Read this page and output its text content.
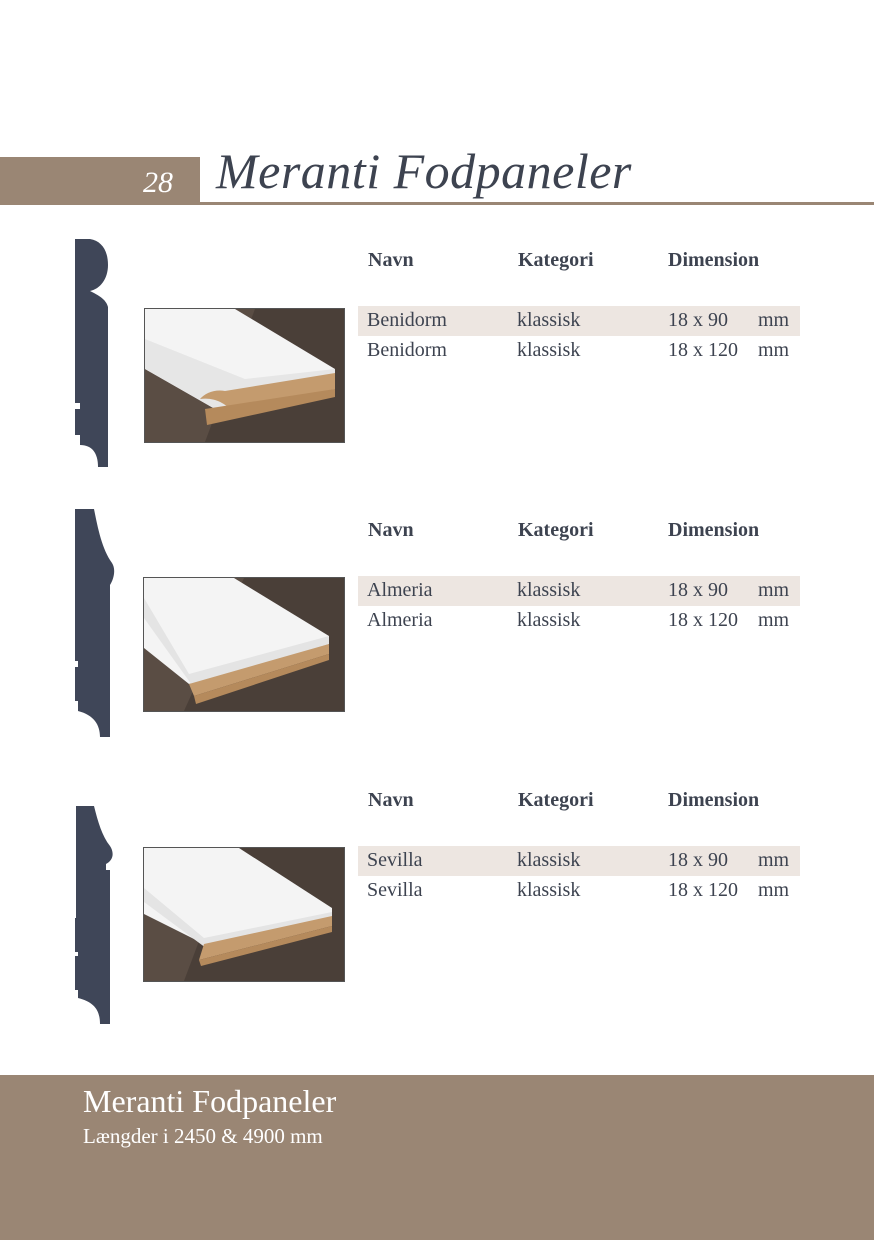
28 Meranti Fodpaneler
Navn	Kategori	Dimension
Benidorm	klassisk	18 x 90 mm
Benidorm	klassisk	18 x 120 mm
Navn	Kategori	Dimension
Almeria	klassisk	18 x 90 mm
Almeria	klassisk	18 x 120 mm
Navn	Kategori	Dimension
Sevilla	klassisk	18 x 90 mm
Sevilla	klassisk	18 x 120 mm
Meranti Fodpaneler
Længder i 2450 & 4900 mm
